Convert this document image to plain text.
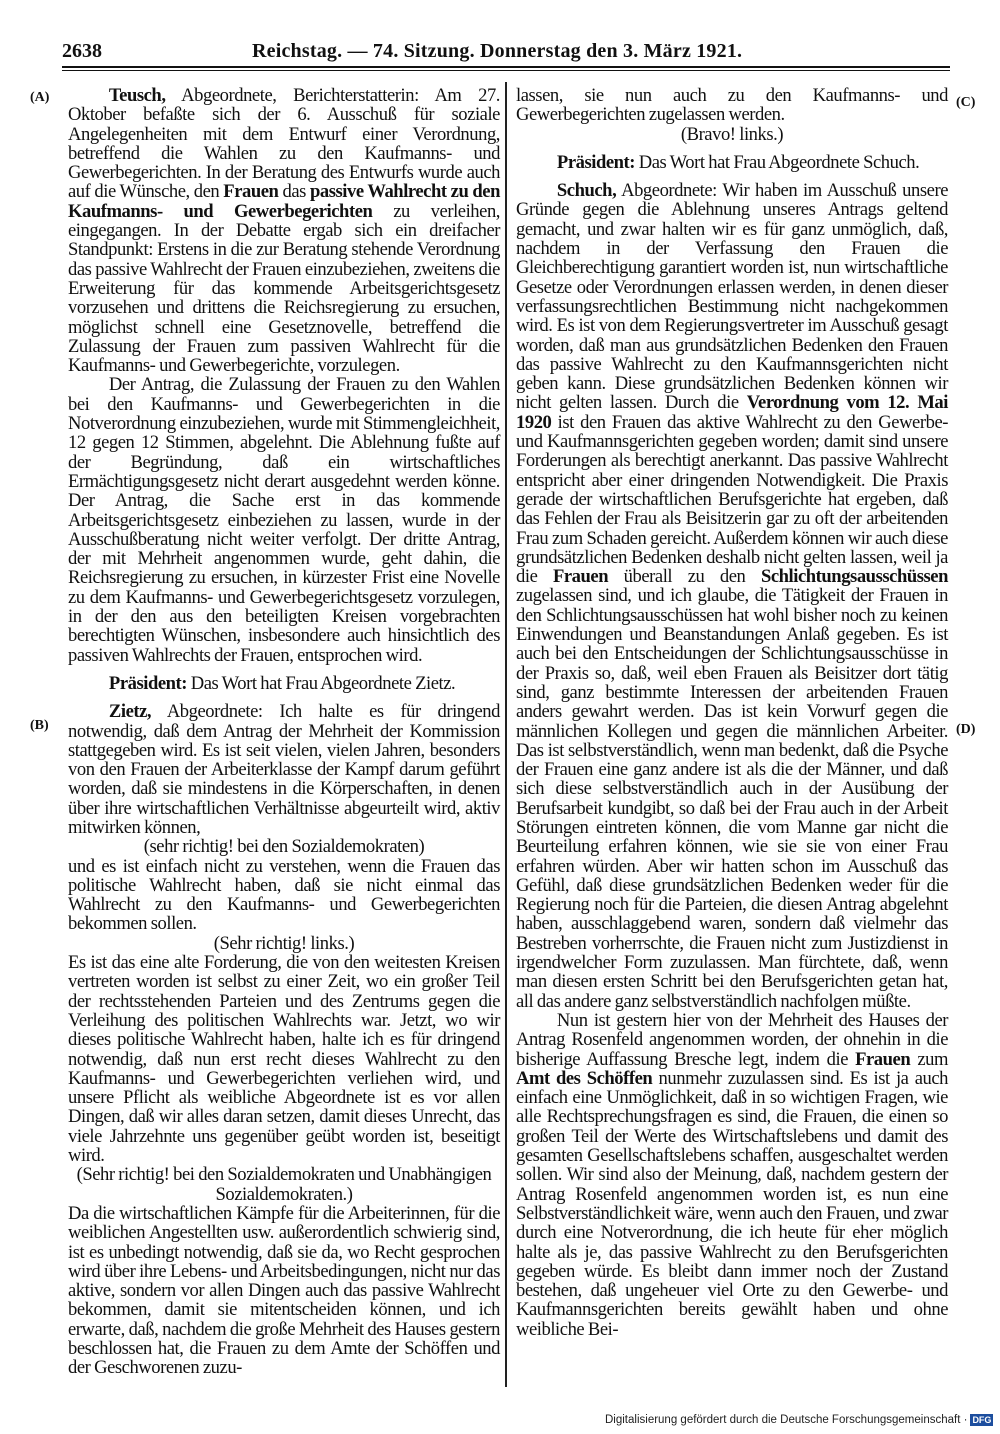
2638	Reichstag. — 74. Sitzung. Donnerstag den 3. März 1921.
(A)
(B)
(C)
(D)

Teusch, Abgeordnete, Berichterstatterin: Am 27. Oktober befaßte sich der 6. Ausschuß für soziale Angelegenheiten mit dem Entwurf einer Verordnung, betreffend die Wahlen zu den Kaufmanns- und Gewerbegerichten. In der Beratung des Entwurfs wurde auch auf die Wünsche, den Frauen das passive Wahlrecht zu den Kaufmanns- und Gewerbegerichten zu verleihen, eingegangen. In der Debatte ergab sich ein dreifacher Standpunkt: Erstens in die zur Beratung stehende Verordnung das passive Wahlrecht der Frauen einzubeziehen, zweitens die Erweiterung für das kommende Arbeitsgerichtsgesetz vorzusehen und drittens die Reichsregierung zu ersuchen, möglichst schnell eine Gesetznovelle, betreffend die Zulassung der Frauen zum passiven Wahlrecht für die Kaufmanns- und Gewerbegerichte, vorzulegen.

Der Antrag, die Zulassung der Frauen zu den Wahlen bei den Kaufmanns- und Gewerbegerichten in die Notverordnung einzubeziehen, wurde mit Stimmengleichheit, 12 gegen 12 Stimmen, abgelehnt. Die Ablehnung fußte auf der Begründung, daß ein wirtschaftliches Ermächtigungsgesetz nicht derart ausgedehnt werden könne. Der Antrag, die Sache erst in das kommende Arbeitsgerichtsgesetz einbeziehen zu lassen, wurde in der Ausschußberatung nicht weiter verfolgt. Der dritte Antrag, der mit Mehrheit angenommen wurde, geht dahin, die Reichsregierung zu ersuchen, in kürzester Frist eine Novelle zu dem Kaufmanns- und Gewerbegerichtsgesetz vorzulegen, in der den aus den beteiligten Kreisen vorgebrachten berechtigten Wünschen, insbesondere auch hinsichtlich des passiven Wahlrechts der Frauen, entsprochen wird.

Präsident: Das Wort hat Frau Abgeordnete Zietz.

Zietz, Abgeordnete: Ich halte es für dringend notwendig, daß dem Antrag der Mehrheit der Kommission stattgegeben wird. Es ist seit vielen, vielen Jahren, besonders von den Frauen der Arbeiterklasse der Kampf darum geführt worden, daß sie mindestens in die Körperschaften, in denen über ihre wirtschaftlichen Verhältnisse abgeurteilt wird, aktiv mitwirken können,

(sehr richtig! bei den Sozialdemokraten)

und es ist einfach nicht zu verstehen, wenn die Frauen das politische Wahlrecht haben, daß sie nicht einmal das Wahlrecht zu den Kaufmanns- und Gewerbegerichten bekommen sollen.

(Sehr richtig! links.)

Es ist das eine alte Forderung, die von den weitesten Kreisen vertreten worden ist selbst zu einer Zeit, wo ein großer Teil der rechtsstehenden Parteien und des Zentrums gegen die Verleihung des politischen Wahlrechts war. Jetzt, wo wir dieses politische Wahlrecht haben, halte ich es für dringend notwendig, daß nun erst recht dieses Wahlrecht zu den Kaufmanns- und Gewerbegerichten verliehen wird, und unsere Pflicht als weibliche Abgeordnete ist es vor allen Dingen, daß wir alles daran setzen, damit dieses Unrecht, das viele Jahrzehnte uns gegenüber geübt worden ist, beseitigt wird.

(Sehr richtig! bei den Sozialdemokraten und Unabhängigen Sozialdemokraten.)

Da die wirtschaftlichen Kämpfe für die Arbeiterinnen, für die weiblichen Angestellten usw. außerordentlich schwierig sind, ist es unbedingt notwendig, daß sie da, wo Recht gesprochen wird über ihre Lebens- und Arbeitsbedingungen, nicht nur das aktive, sondern vor allen Dingen auch das passive Wahlrecht bekommen, damit sie mitentscheiden können, und ich erwarte, daß, nachdem die große Mehrheit des Hauses gestern beschlossen hat, die Frauen zu dem Amte der Schöffen und der Geschworenen zuzu-

lassen, sie nun auch zu den Kaufmanns- und Gewerbegerichten zugelassen werden.

(Bravo! links.)

Präsident: Das Wort hat Frau Abgeordnete Schuch.

Schuch, Abgeordnete: Wir haben im Ausschuß unsere Gründe gegen die Ablehnung unseres Antrags geltend gemacht, und zwar halten wir es für ganz unmöglich, daß, nachdem in der Verfassung den Frauen die Gleichberechtigung garantiert worden ist, nun wirtschaftliche Gesetze oder Verordnungen erlassen werden, in denen dieser verfassungsrechtlichen Bestimmung nicht nachgekommen wird. Es ist von dem Regierungsvertreter im Ausschuß gesagt worden, daß man aus grundsätzlichen Bedenken den Frauen das passive Wahlrecht zu den Kaufmannsgerichten nicht geben kann. Diese grundsätzlichen Bedenken können wir nicht gelten lassen. Durch die Verordnung vom 12. Mai 1920 ist den Frauen das aktive Wahlrecht zu den Gewerbe- und Kaufmannsgerichten gegeben worden; damit sind unsere Forderungen als berechtigt anerkannt. Das passive Wahlrecht entspricht aber einer dringenden Notwendigkeit. Die Praxis gerade der wirtschaftlichen Berufsgerichte hat ergeben, daß das Fehlen der Frau als Beisitzerin gar zu oft der arbeitenden Frau zum Schaden gereicht. Außerdem können wir auch diese grundsätzlichen Bedenken deshalb nicht gelten lassen, weil ja die Frauen überall zu den Schlichtungsausschüssen zugelassen sind, und ich glaube, die Tätigkeit der Frauen in den Schlichtungsausschüssen hat wohl bisher noch zu keinen Einwendungen und Beanstandungen Anlaß gegeben. Es ist auch bei den Entscheidungen der Schlichtungsausschüsse in der Praxis so, daß, weil eben Frauen als Beisitzer dort tätig sind, ganz bestimmte Interessen der arbeitenden Frauen anders gewahrt werden. Das ist kein Vorwurf gegen die männlichen Kollegen und gegen die männlichen Arbeiter. Das ist selbstverständlich, wenn man bedenkt, daß die Psyche der Frauen eine ganz andere ist als die der Männer, und daß sich diese selbstverständlich auch in der Ausübung der Berufsarbeit kundgibt, so daß bei der Frau auch in der Arbeit Störungen eintreten können, die vom Manne gar nicht die Beurteilung erfahren können, wie sie sie von einer Frau erfahren würden. Aber wir hatten schon im Ausschuß das Gefühl, daß diese grundsätzlichen Bedenken weder für die Regierung noch für die Parteien, die diesen Antrag abgelehnt haben, ausschlaggebend waren, sondern daß vielmehr das Bestreben vorherrschte, die Frauen nicht zum Justizdienst in irgendwelcher Form zuzulassen. Man fürchtete, daß, wenn man diesen ersten Schritt bei den Berufsgerichten getan hat, all das andere ganz selbstverständlich nachfolgen müßte.

Nun ist gestern hier von der Mehrheit des Hauses der Antrag Rosenfeld angenommen worden, der ohnehin in die bisherige Auffassung Bresche legt, indem die Frauen zum Amt des Schöffen nunmehr zuzulassen sind. Es ist ja auch einfach eine Unmöglichkeit, daß in so wichtigen Fragen, wie alle Rechtsprechungsfragen es sind, die Frauen, die einen so großen Teil der Werte des Wirtschaftslebens und damit des gesamten Gesellschaftslebens schaffen, ausgeschaltet werden sollen. Wir sind also der Meinung, daß, nachdem gestern der Antrag Rosenfeld angenommen worden ist, es nun eine Selbstverständlichkeit wäre, wenn auch den Frauen, und zwar durch eine Notverordnung, die ich heute für eher möglich halte als je, das passive Wahlrecht zu den Berufsgerichten gegeben würde. Es bleibt dann immer noch der Zustand bestehen, daß ungeheuer viel Orte zu den Gewerbe- und Kaufmannsgerichten bereits gewählt haben und ohne weibliche Bei-

Digitalisierung gefördert durch die Deutsche Forschungsgemeinschaft · DFG
